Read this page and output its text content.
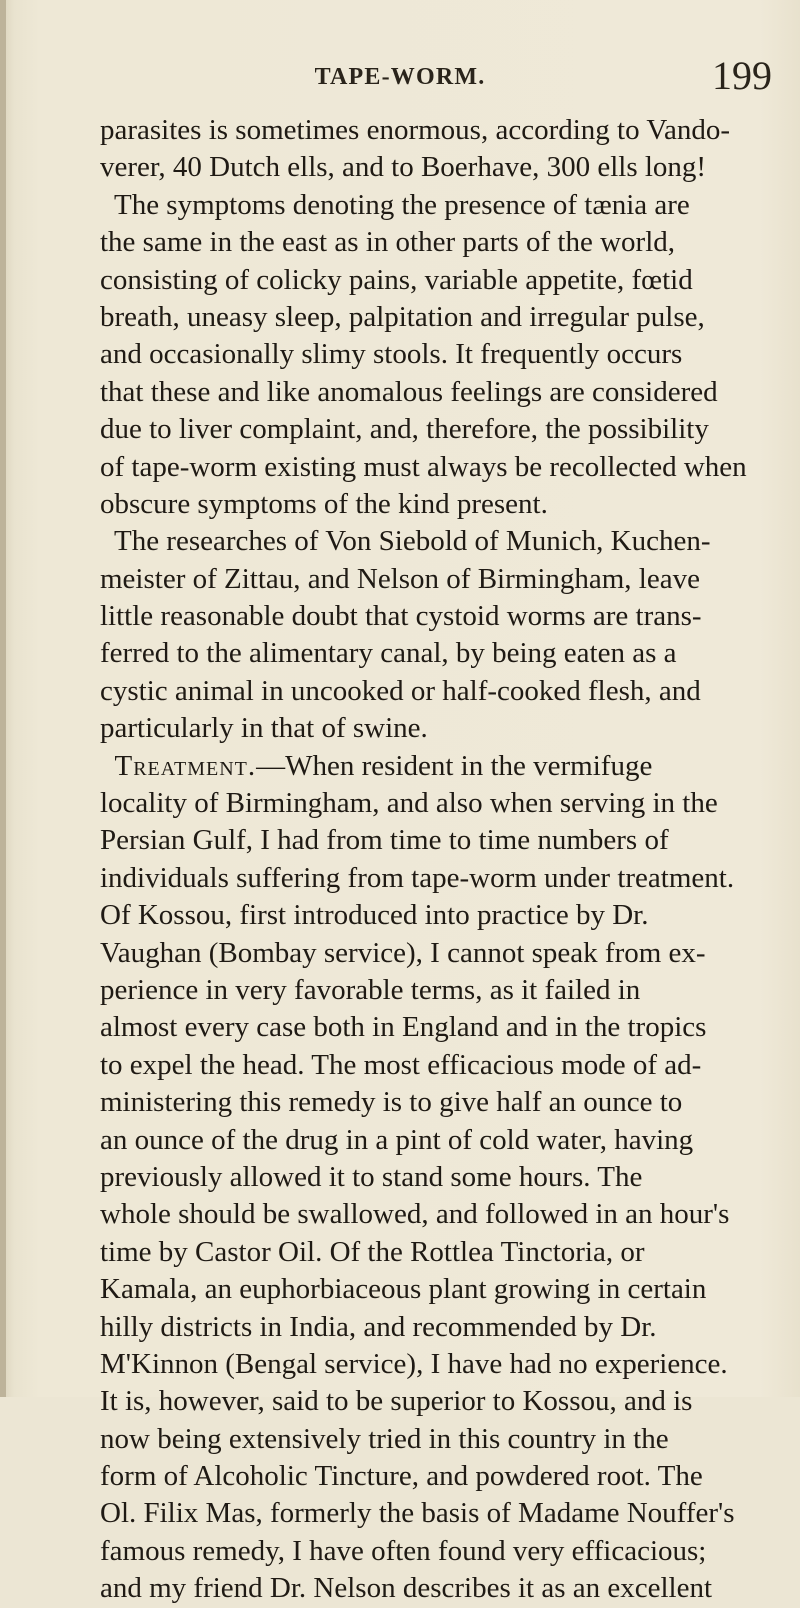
TAPE-WORM.	199
parasites is sometimes enormous, according to Vando-
verer, 40 Dutch ells, and to Boerhave, 300 ells long!
The symptoms denoting the presence of tænia are
the same in the east as in other parts of the world,
consisting of colicky pains, variable appetite, fœtid
breath, uneasy sleep, palpitation and irregular pulse,
and occasionally slimy stools. It frequently occurs
that these and like anomalous feelings are considered
due to liver complaint, and, therefore, the possibility
of tape-worm existing must always be recollected when
obscure symptoms of the kind present.
The researches of Von Siebold of Munich, Kuchen-
meister of Zittau, and Nelson of Birmingham, leave
little reasonable doubt that cystoid worms are trans-
ferred to the alimentary canal, by being eaten as a
cystic animal in uncooked or half-cooked flesh, and
particularly in that of swine.
Treatment.—When resident in the vermifuge
locality of Birmingham, and also when serving in the
Persian Gulf, I had from time to time numbers of
individuals suffering from tape-worm under treatment.
Of Kossou, first introduced into practice by Dr.
Vaughan (Bombay service), I cannot speak from ex-
perience in very favorable terms, as it failed in
almost every case both in England and in the tropics
to expel the head. The most efficacious mode of ad-
ministering this remedy is to give half an ounce to
an ounce of the drug in a pint of cold water, having
previously allowed it to stand some hours. The
whole should be swallowed, and followed in an hour's
time by Castor Oil. Of the Rottlea Tinctoria, or
Kamala, an euphorbiaceous plant growing in certain
hilly districts in India, and recommended by Dr.
M'Kinnon (Bengal service), I have had no experience.
It is, however, said to be superior to Kossou, and is
now being extensively tried in this country in the
form of Alcoholic Tincture, and powdered root. The
Ol. Filix Mas, formerly the basis of Madame Nouffer's
famous remedy, I have often found very efficacious;
and my friend Dr. Nelson describes it as an excellent
